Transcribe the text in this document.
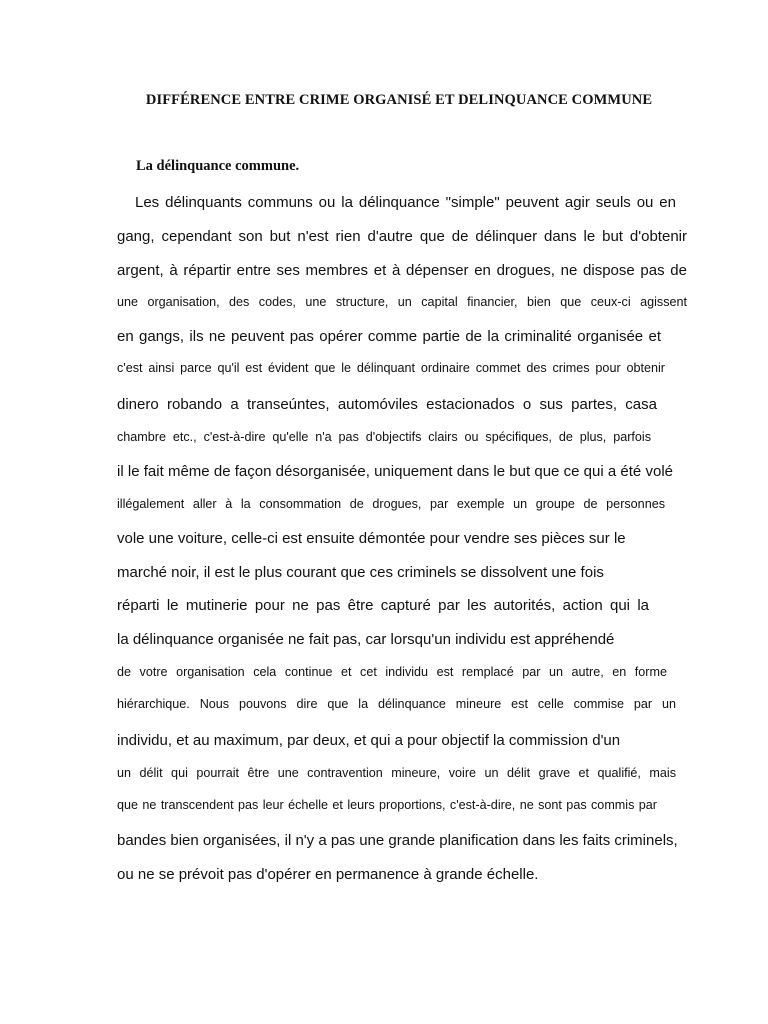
DIFFÉRENCE ENTRE CRIME ORGANISÉ ET DELINQUANCE COMMUNE
La délinquance commune.
Les délinquants communs ou la délinquance "simple" peuvent agir seuls ou en
gang, cependant son but n'est rien d'autre que de délinquer dans le but d'obtenir
argent, à répartir entre ses membres et à dépenser en drogues, ne dispose pas de
une organisation, des codes, une structure, un capital financier, bien que ceux-ci agissent
en gangs, ils ne peuvent pas opérer comme partie de la criminalité organisée et
c'est ainsi parce qu'il est évident que le délinquant ordinaire commet des crimes pour obtenir
dinero robando a transeúntes, automóviles estacionados o sus partes, casa
chambre etc., c'est-à-dire qu'elle n'a pas d'objectifs clairs ou spécifiques, de plus, parfois
il le fait même de façon désorganisée, uniquement dans le but que ce qui a été volé
illégalement aller à la consommation de drogues, par exemple un groupe de personnes
vole une voiture, celle-ci est ensuite démontée pour vendre ses pièces sur le
marché noir, il est le plus courant que ces criminels se dissolvent une fois
réparti le mutinerie pour ne pas être capturé par les autorités, action qui la
la délinquance organisée ne fait pas, car lorsqu'un individu est appréhendé
de votre organisation cela continue et cet individu est remplacé par un autre, en forme
hiérarchique. Nous pouvons dire que la délinquance mineure est celle commise par un
individu, et au maximum, par deux, et qui a pour objectif la commission d'un
un délit qui pourrait être une contravention mineure, voire un délit grave et qualifié, mais
que ne transcendent pas leur échelle et leurs proportions, c'est-à-dire, ne sont pas commis par
bandes bien organisées, il n'y a pas une grande planification dans les faits criminels,
ou ne se prévoit pas d'opérer en permanence à grande échelle.
